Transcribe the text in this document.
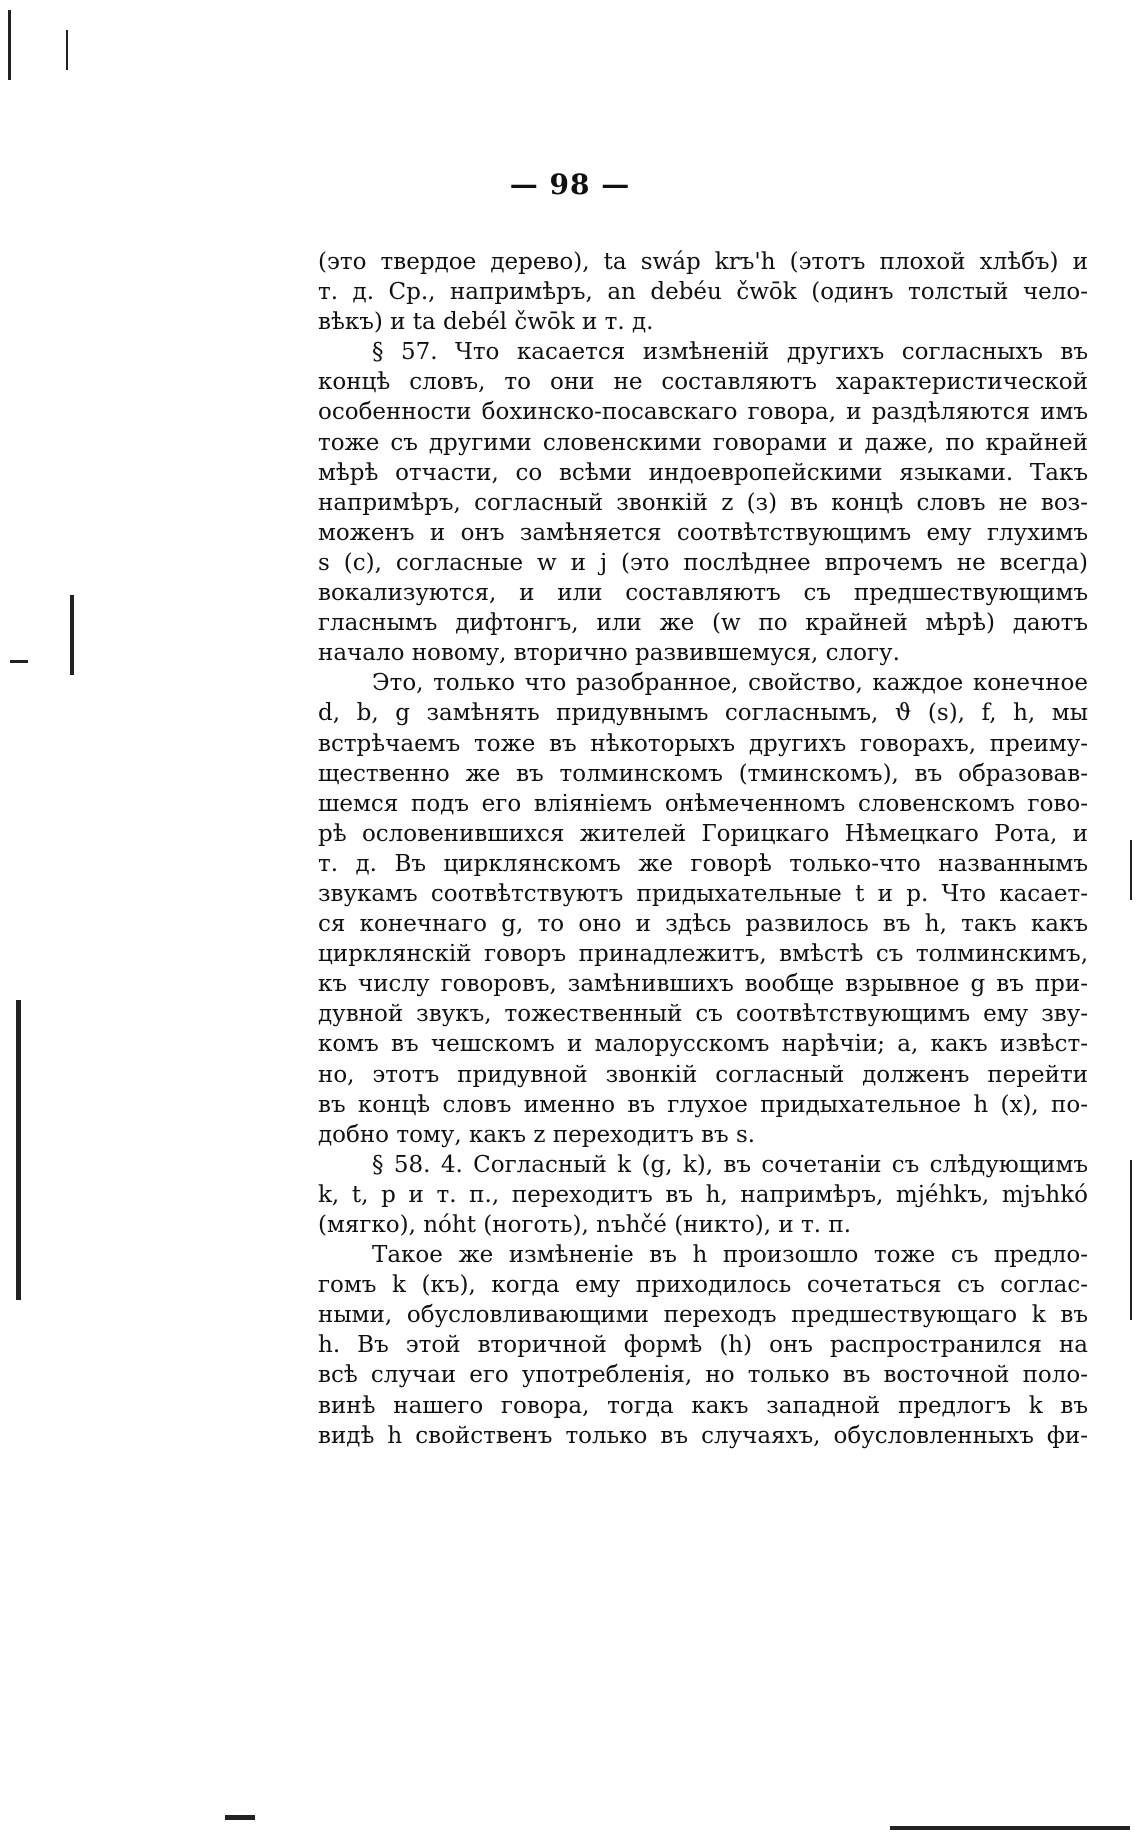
— 98 —
(это твердое дерево), ta swáp krъ'h (этотъ плохой хлѣбъ) и
т. д. Ср., напримѣръ, an debéu čwōk (одинъ толстый чело-
вѣкъ) и ta debél čwōk и т. д.
§ 57. Что касается измѣненій другихъ согласныхъ въ
концѣ словъ, то они не составляютъ характеристической
особенности бохинско-посавскаго говора, и раздѣляются имъ
тоже съ другими словенскими говорами и даже, по крайней
мѣрѣ отчасти, со всѣми индоевропейскими языками. Такъ
напримѣръ, согласный звонкій z (з) въ концѣ словъ не воз-
моженъ и онъ замѣняется соотвѣтствующимъ ему глухимъ
s (с), согласные w и j (это послѣднее впрочемъ не всегда)
вокализуются, и или составляютъ съ предшествующимъ
гласнымъ дифтонгъ, или же (w по крайней мѣрѣ) даютъ
начало новому, вторично развившемуся, слогу.
Это, только что разобранное, свойство, каждое конечное
d, b, g замѣнять придувнымъ согласнымъ, ϑ (s), f, h, мы
встрѣчаемъ тоже въ нѣкоторыхъ другихъ говорахъ, преиму-
щественно же въ толминскомъ (тминскомъ), въ образовав-
шемся подъ его вліяніемъ онѣмеченномъ словенскомъ гово-
рѣ ословенившихся жителей Горицкаго Нѣмецкаго Рота, и
т. д. Въ цирклянскомъ же говорѣ только-что названнымъ
звукамъ соотвѣтствуютъ придыхательные t и p. Что касает-
ся конечнаго g, то оно и здѣсь развилось въ h, такъ какъ
цирклянскій говоръ принадлежитъ, вмѣстѣ съ толминскимъ,
къ числу говоровъ, замѣнившихъ вообще взрывное g въ при-
дувной звукъ, тожественный съ соотвѣтствующимъ ему зву-
комъ въ чешскомъ и малорусскомъ нарѣчіи; а, какъ извѣст-
но, этотъ придувной звонкій согласный долженъ перейти
въ концѣ словъ именно въ глухое придыхательное h (х), по-
добно тому, какъ z переходитъ въ s.
§ 58. 4. Согласный k (g, k), въ сочетаніи съ слѣдующимъ
k, t, p и т. п., переходитъ въ h, напримѣръ, mjéhkъ, mjъhkó
(мягко), nóht (ноготь), nъhčé (никто), и т. п.
Такое же измѣненіе въ h произошло тоже съ предло-
гомъ k (къ), когда ему приходилось сочетаться съ соглас-
ными, обусловливающими переходъ предшествующаго k въ
h. Въ этой вторичной формѣ (h) онъ распространился на
всѣ случаи его употребленія, но только въ восточной поло-
винѣ нашего говора, тогда какъ западной предлогъ k въ
видѣ h свойственъ только въ случаяхъ, обусловленныхъ фи-
